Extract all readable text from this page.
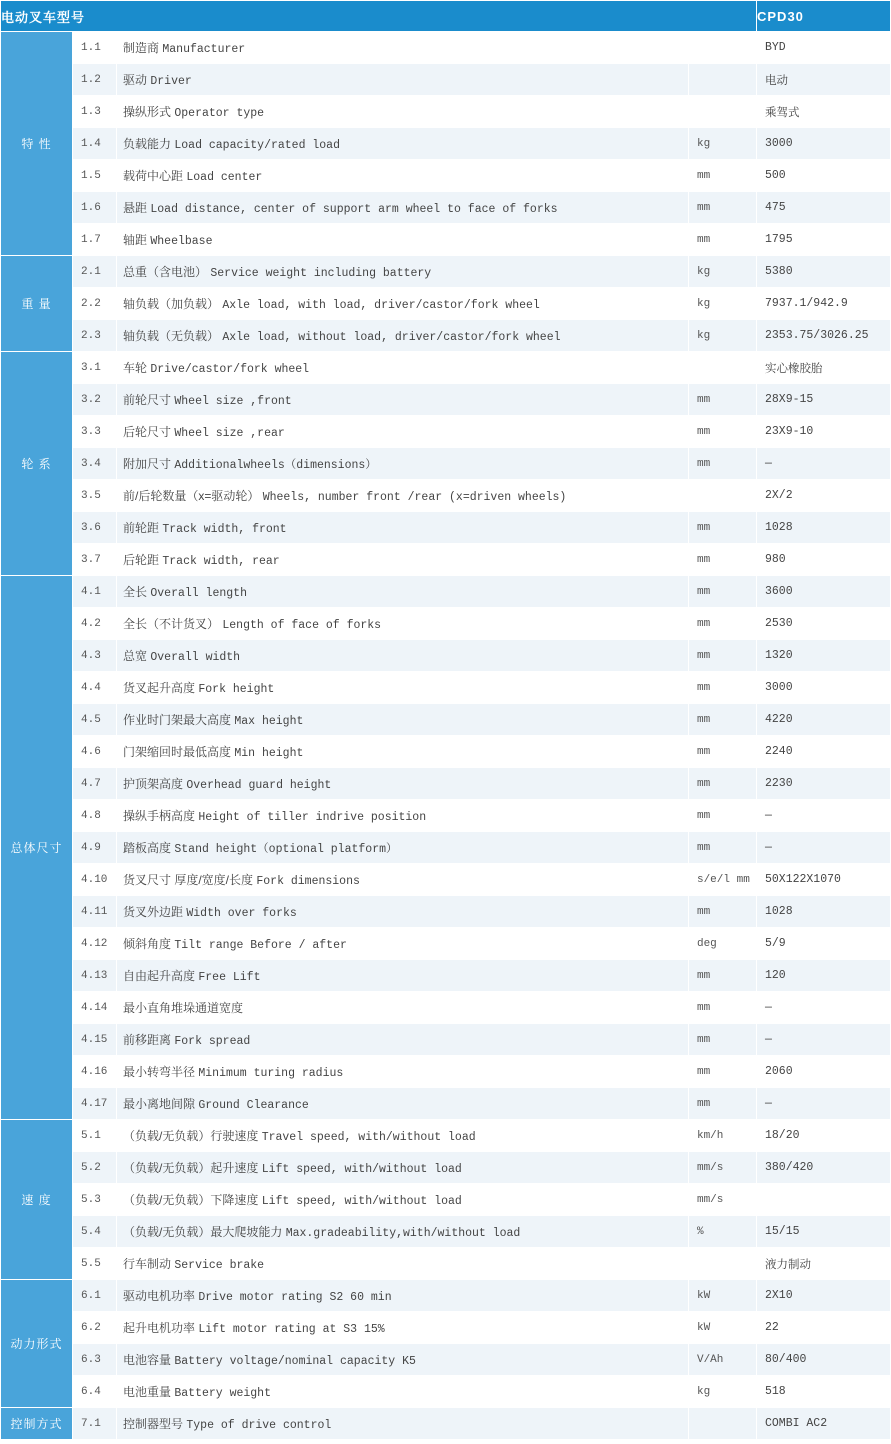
电动叉车型号				CPD30
特 性	1.1	制造商 Manufacturer		BYD
	1.2	驱动 Driver		电动
	1.3	操纵形式 Operator type		乘驾式
	1.4	负载能力 Load capacity/rated load	kg	3000
	1.5	载荷中心距 Load center	mm	500
	1.6	悬距 Load distance, center of support arm wheel to face of forks	mm	475
	1.7	轴距 Wheelbase	mm	1795
重 量	2.1	总重（含电池） Service weight including battery	kg	5380
	2.2	轴负载（加负载） Axle load, with load, driver/castor/fork wheel	kg	7937.1/942.9
	2.3	轴负载（无负载） Axle load, without load, driver/castor/fork wheel	kg	2353.75/3026.25
轮 系	3.1	车轮 Drive/castor/fork wheel		实心橡胶胎
	3.2	前轮尺寸 Wheel size ,front	mm	28X9-15
	3.3	后轮尺寸 Wheel size ,rear	mm	23X9-10
	3.4	附加尺寸 Additionalwheels（dimensions）	mm	—
	3.5	前/后轮数量（x=驱动轮） Wheels, number front /rear (x=driven wheels)		2X/2
	3.6	前轮距 Track width, front	mm	1028
	3.7	后轮距 Track width, rear	mm	980
总体尺寸	4.1	全长 Overall length	mm	3600
	4.2	全长（不计货叉） Length of face of forks	mm	2530
	4.3	总宽 Overall width	mm	1320
	4.4	货叉起升高度 Fork height	mm	3000
	4.5	作业时门架最大高度 Max height	mm	4220
	4.6	门架缩回时最低高度 Min height	mm	2240
	4.7	护顶架高度 Overhead guard height	mm	2230
	4.8	操纵手柄高度 Height of tiller indrive position	mm	—
	4.9	踏板高度 Stand height（optional platform）	mm	—
	4.10	货叉尺寸 厚度/宽度/长度 Fork dimensions	s/e/l mm	50X122X1070
	4.11	货叉外边距 Width over forks	mm	1028
	4.12	倾斜角度 Tilt range Before / after	deg	5/9
	4.13	自由起升高度 Free Lift	mm	120
	4.14	最小直角堆垛通道宽度	mm	—
	4.15	前移距离 Fork spread	mm	—
	4.16	最小转弯半径 Minimum turing radius	mm	2060
	4.17	最小离地间隙 Ground Clearance	mm	—
速 度	5.1	（负载/无负载）行驶速度 Travel speed, with/without load	km/h	18/20
	5.2	（负载/无负载）起升速度 Lift speed, with/without load	mm/s	380/420
	5.3	（负载/无负载）下降速度 Lift speed, with/without load	mm/s	
	5.4	（负载/无负载）最大爬坡能力 Max.gradeability,with/without load	%	15/15
	5.5	行车制动 Service brake		液力制动
动力形式	6.1	驱动电机功率 Drive motor rating S2 60 min	kW	2X10
	6.2	起升电机功率 Lift motor rating at S3 15%	kW	22
	6.3	电池容量 Battery voltage/nominal capacity K5	V/Ah	80/400
	6.4	电池重量 Battery weight	kg	518
控制方式	7.1	控制器型号 Type of drive control		COMBI AC2
